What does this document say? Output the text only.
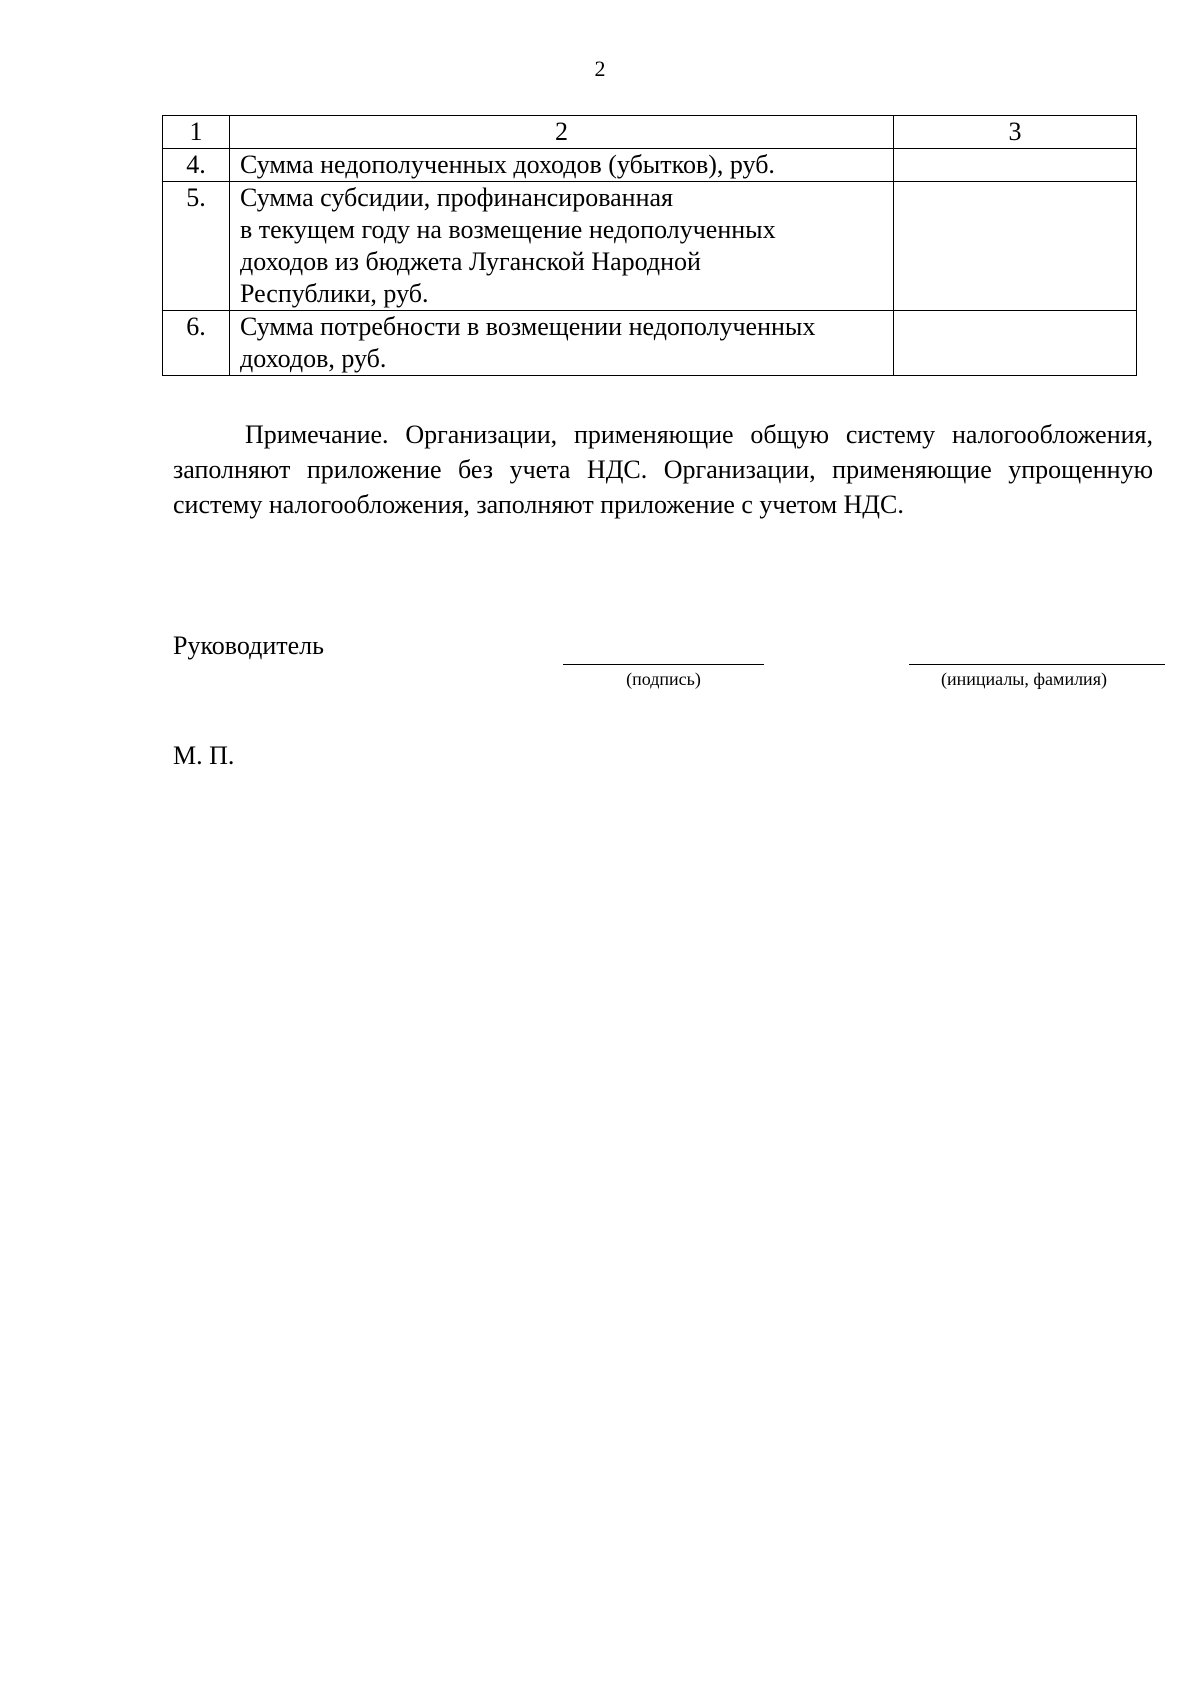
2
1	2	3
4.	Сумма недополученных доходов (убытков), руб.	

5.	Сумма субсидии, профинансированная
в текущем году на возмещение недополученных
доходов из бюджета Луганской Народной
Республики, руб.	

6.	Сумма потребности в возмещении недополученных
доходов, руб.	

Примечание. Организации, применяющие общую систему налогообложения, заполняют приложение без учета НДС. Организации, применяющие упрощенную систему налогообложения, заполняют приложение с учетом НДС.

Руководитель
(подпись)	(инициалы, фамилия)
М. П.
